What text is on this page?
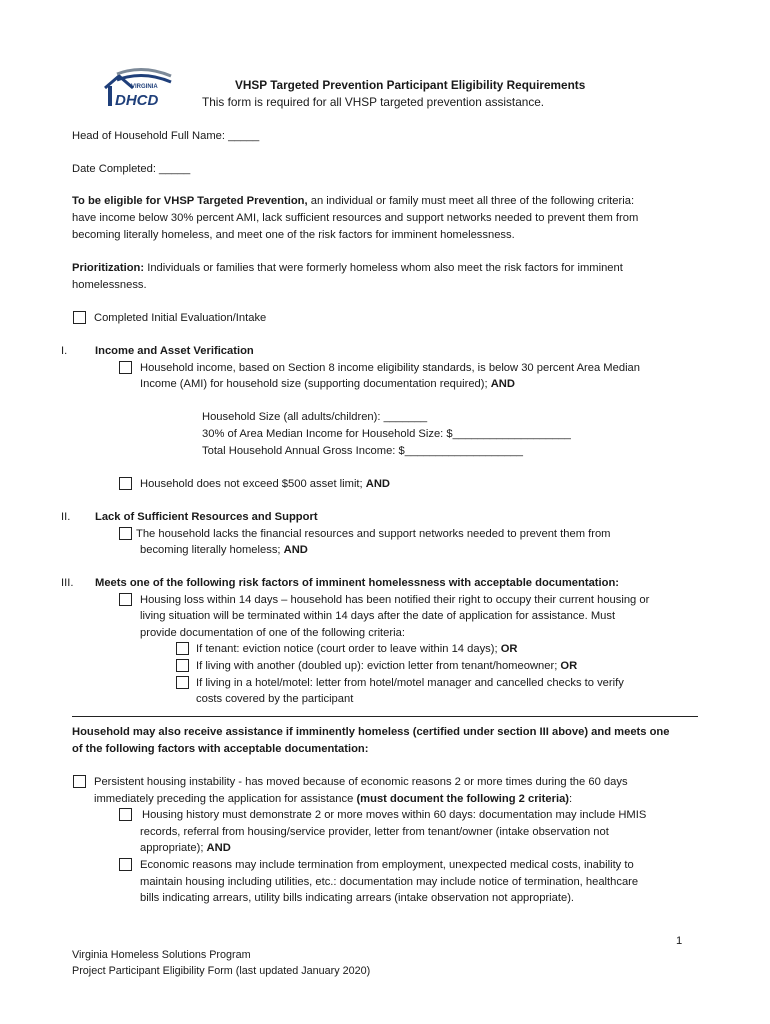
VIRGINIA
DHCD
VHSP Targeted Prevention Participant Eligibility Requirements
This form is required for all VHSP targeted prevention assistance.
Head of Household Full Name: _____
Date Completed: _____
To be eligible for VHSP Targeted Prevention, an individual or family must meet all three of the following criteria:
have income below 30% percent AMI, lack sufficient resources and support networks needed to prevent them from
becoming literally homeless, and meet one of the risk factors for imminent homelessness.
Prioritization: Individuals or families that were formerly homeless whom also meet the risk factors for imminent
homelessness.
Completed Initial Evaluation/Intake
I. Income and Asset Verification
Household income, based on Section 8 income eligibility standards, is below 30 percent Area Median
Income (AMI) for household size (supporting documentation required); AND
Household Size (all adults/children): _______
30% of Area Median Income for Household Size: $___________________
Total Household Annual Gross Income: $___________________
Household does not exceed $500 asset limit; AND
II. Lack of Sufficient Resources and Support
The household lacks the financial resources and support networks needed to prevent them from
becoming literally homeless; AND
III. Meets one of the following risk factors of imminent homelessness with acceptable documentation:
Housing loss within 14 days – household has been notified their right to occupy their current housing or
living situation will be terminated within 14 days after the date of application for assistance. Must
provide documentation of one of the following criteria:
If tenant: eviction notice (court order to leave within 14 days); OR
If living with another (doubled up): eviction letter from tenant/homeowner; OR
If living in a hotel/motel: letter from hotel/motel manager and cancelled checks to verify
costs covered by the participant
Household may also receive assistance if imminently homeless (certified under section III above) and meets one
of the following factors with acceptable documentation:
Persistent housing instability - has moved because of economic reasons 2 or more times during the 60 days
immediately preceding the application for assistance (must document the following 2 criteria):
Housing history must demonstrate 2 or more moves within 60 days: documentation may include HMIS
records, referral from housing/service provider, letter from tenant/owner (intake observation not
appropriate); AND
Economic reasons may include termination from employment, unexpected medical costs, inability to
maintain housing including utilities, etc.: documentation may include notice of termination, healthcare
bills indicating arrears, utility bills indicating arrears (intake observation not appropriate).
1
Virginia Homeless Solutions Program
Project Participant Eligibility Form (last updated January 2020)
